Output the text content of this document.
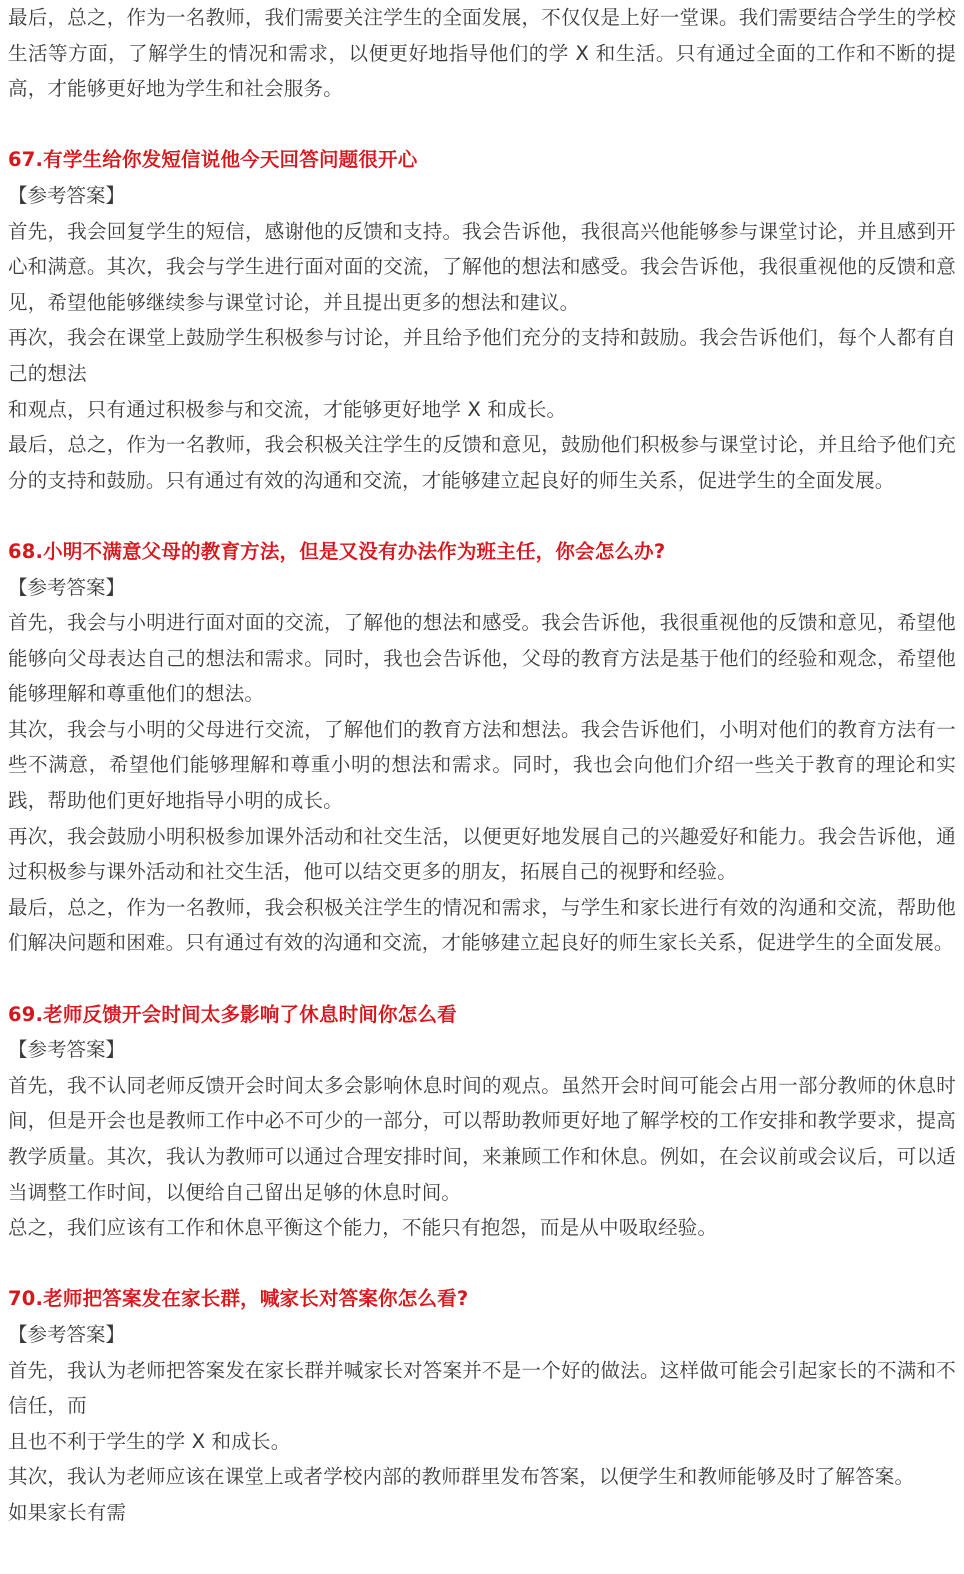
最后，总之，作为一名教师，我们需要关注学生的全面发展，不仅仅是上好一堂课。我们需要结合学生的学校生活等方面，了解学生的情况和需求，以便更好地指导他们的学 X 和生活。只有通过全面的工作和不断的提高，才能够更好地为学生和社会服务。

67.有学生给你发短信说他今天回答问题很开心

【参考答案】

首先，我会回复学生的短信，感谢他的反馈和支持。我会告诉他，我很高兴他能够参与课堂讨论，并且感到开心和满意。其次，我会与学生进行面对面的交流，了解他的想法和感受。我会告诉他，我很重视他的反馈和意见，希望他能够继续参与课堂讨论，并且提出更多的想法和建议。

再次，我会在课堂上鼓励学生积极参与讨论，并且给予他们充分的支持和鼓励。我会告诉他们，每个人都有自己的想法

和观点，只有通过积极参与和交流，才能够更好地学 X 和成长。

最后，总之，作为一名教师，我会积极关注学生的反馈和意见，鼓励他们积极参与课堂讨论，并且给予他们充分的支持和鼓励。只有通过有效的沟通和交流，才能够建立起良好的师生关系，促进学生的全面发展。

68.小明不满意父母的教育方法，但是又没有办法作为班主任，你会怎么办?

【参考答案】

首先，我会与小明进行面对面的交流，了解他的想法和感受。我会告诉他，我很重视他的反馈和意见，希望他能够向父母表达自己的想法和需求。同时，我也会告诉他，父母的教育方法是基于他们的经验和观念，希望他能够理解和尊重他们的想法。

其次，我会与小明的父母进行交流，了解他们的教育方法和想法。我会告诉他们，小明对他们的教育方法有一些不满意，希望他们能够理解和尊重小明的想法和需求。同时，我也会向他们介绍一些关于教育的理论和实践，帮助他们更好地指导小明的成长。

再次，我会鼓励小明积极参加课外活动和社交生活，以便更好地发展自己的兴趣爱好和能力。我会告诉他，通过积极参与课外活动和社交生活，他可以结交更多的朋友，拓展自己的视野和经验。

最后，总之，作为一名教师，我会积极关注学生的情况和需求，与学生和家长进行有效的沟通和交流，帮助他们解决问题和困难。只有通过有效的沟通和交流，才能够建立起良好的师生家长关系，促进学生的全面发展。

69.老师反馈开会时间太多影响了休息时间你怎么看

【参考答案】

首先，我不认同老师反馈开会时间太多会影响休息时间的观点。虽然开会时间可能会占用一部分教师的休息时间，但是开会也是教师工作中必不可少的一部分，可以帮助教师更好地了解学校的工作安排和教学要求，提高教学质量。其次，我认为教师可以通过合理安排时间，来兼顾工作和休息。例如，在会议前或会议后，可以适当调整工作时间，以便给自己留出足够的休息时间。

总之，我们应该有工作和休息平衡这个能力，不能只有抱怨，而是从中吸取经验。

70.老师把答案发在家长群，喊家长对答案你怎么看?

【参考答案】

首先，我认为老师把答案发在家长群并喊家长对答案并不是一个好的做法。这样做可能会引起家长的不满和不信任，而

且也不利于学生的学 X 和成长。

其次，我认为老师应该在课堂上或者学校内部的教师群里发布答案，以便学生和教师能够及时了解答案。

如果家长有需
